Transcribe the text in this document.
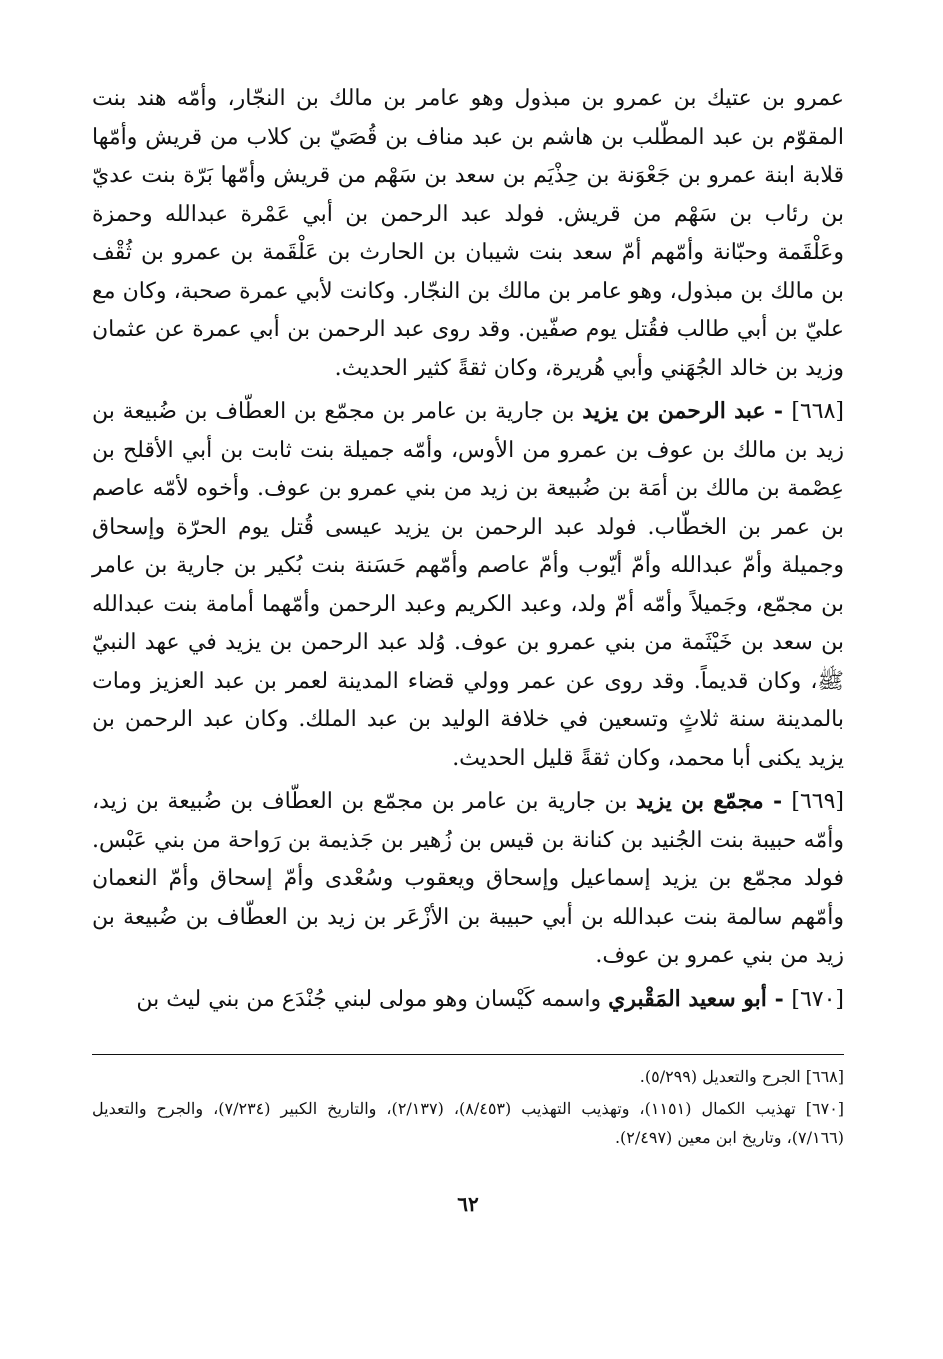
عمرو بن عتيك بن عمرو بن مبذول وهو عامر بن مالك بن النجّار، وأمّه هند بنت المقوّم بن عبد المطّلب بن هاشم بن عبد مناف بن قُصَيّ بن كلاب من قريش وأمّها قلابة ابنة عمرو بن جَعْوَنة بن حِذْيَم بن سعد بن سَهْم من قريش وأمّها بَرّة بنت عديّ بن رئاب بن سَهْم من قريش. فولد عبد الرحمن بن أبي عَمْرة عبدالله وحمزة وعَلْقَمة وحبّانة وأمّهم أمّ سعد بنت شيبان بن الحارث بن عَلْقَمة بن عمرو بن ثُقْف بن مالك بن مبذول، وهو عامر بن مالك بن النجّار. وكانت لأبي عمرة صحبة، وكان مع عليّ بن أبي طالب فقُتل يوم صفّين. وقد روى عبد الرحمن بن أبي عمرة عن عثمان وزيد بن خالد الجُهَني وأبي هُريرة، وكان ثقةً كثير الحديث.

[٦٦٨] - عبد الرحمن بن يزيد بن جارية بن عامر بن مجمّع بن العطّاف بن ضُبيعة بن زيد بن مالك بن عوف بن عمرو من الأوس، وأمّه جميلة بنت ثابت بن أبي الأقلح بن عِصْمة بن مالك بن أمَة بن ضُبيعة بن زيد من بني عمرو بن عوف. وأخوه لأمّه عاصم بن عمر بن الخطّاب. فولد عبد الرحمن بن يزيد عيسى قُتل يوم الحرّة وإسحاق وجميلة وأمّ عبدالله وأمّ أيّوب وأمّ عاصم وأمّهم حَسَنة بنت بُكير بن جارية بن عامر بن مجمّع، وجَميلاً وأمّه أمّ ولد، وعبد الكريم وعبد الرحمن وأمّهما أمامة بنت عبدالله بن سعد بن خَيْثَمة من بني عمرو بن عوف. وُلد عبد الرحمن بن يزيد في عهد النبيّ ﷺ، وكان قديماً. وقد روى عن عمر وولي قضاء المدينة لعمر بن عبد العزيز ومات بالمدينة سنة ثلاثٍ وتسعين في خلافة الوليد بن عبد الملك. وكان عبد الرحمن بن يزيد يكنى أبا محمد، وكان ثقةً قليل الحديث.

[٦٦٩] - مجمّع بن يزيد بن جارية بن عامر بن مجمّع بن العطّاف بن ضُبيعة بن زيد، وأمّه حبيبة بنت الجُنيد بن كنانة بن قيس بن زُهير بن جَذيمة بن رَواحة من بني عَبْس. فولد مجمّع بن يزيد إسماعيل وإسحاق ويعقوب وسُعْدى وأمّ إسحاق وأمّ النعمان وأمّهم سالمة بنت عبدالله بن أبي حبيبة بن الأزْعَر بن زيد بن العطّاف بن ضُبيعة بن زيد من بني عمرو بن عوف.

[٦٧٠] - أبو سعيد المَقْبري واسمه كَيْسان وهو مولى لبني جُنْدَع من بني ليث بن

[٦٦٨] الجرح والتعديل (٥/٢٩٩).

[٦٧٠] تهذيب الكمال (١١٥١)، وتهذيب التهذيب (٨/٤٥٣)، (٢/١٣٧)، والتاريخ الكبير (٧/٢٣٤)، والجرح والتعديل (٧/١٦٦)، وتاريخ ابن معين (٢/٤٩٧).

٦٢
